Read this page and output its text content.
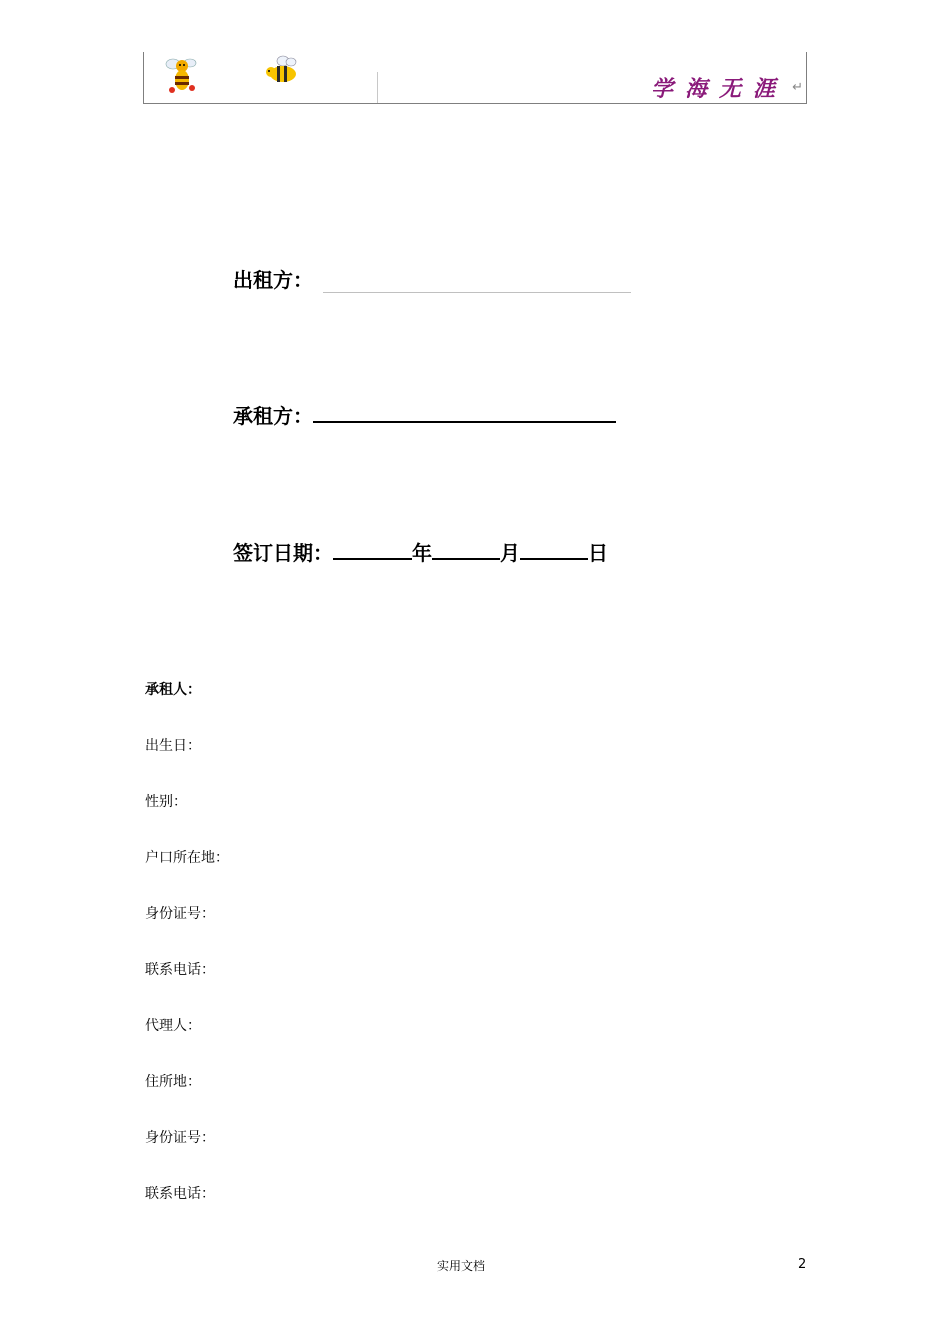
学海无涯 ↵
出租方：
承租方：
签订日期：	年	月	日
承租人：
出生日：
性别：
户口所在地：
身份证号：
联系电话：
代理人：
住所地：
身份证号：
联系电话：
实用文档	2
